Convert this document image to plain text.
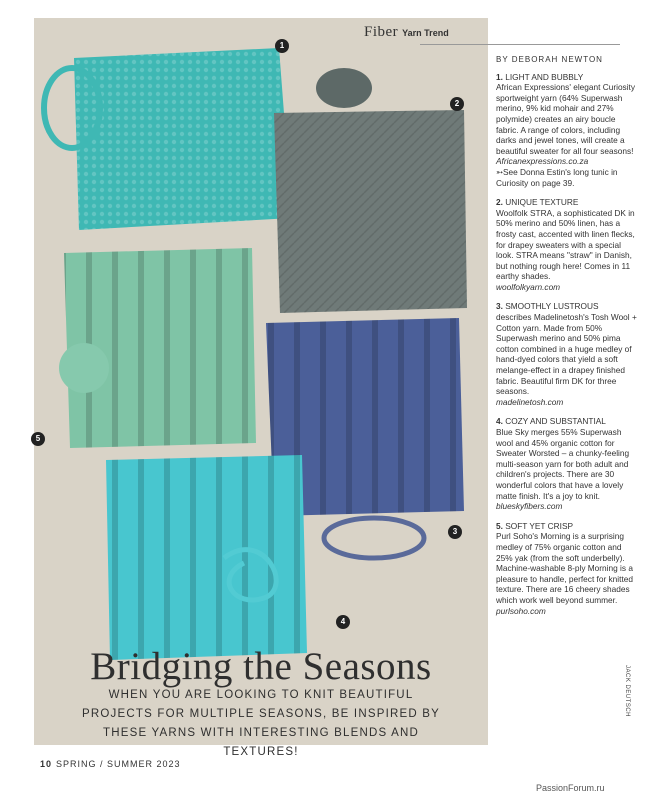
1
2
3
4
5
Bridging the Seasons
WHEN YOU ARE LOOKING TO KNIT BEAUTIFUL PROJECTS FOR MULTIPLE SEASONS, BE INSPIRED BY THESE YARNS WITH INTERESTING BLENDS AND TEXTURES!
Fiber Yarn Trend
BY DEBORAH NEWTON

1. LIGHT AND BUBBLY

African Expressions' elegant Curiosity sportweight yarn (64% Superwash merino, 9% kid mohair and 27% polymide) creates an airy boucle fabric. A range of colors, including darks and jewel tones, will create a beautiful sweater for all four seasons!

Africanexpressions.co.za

➳See Donna Estin's long tunic in Curiosity on page 39.

2. UNIQUE TEXTURE

Woolfolk STRA, a sophisticated DK in 50% merino and 50% linen, has a frosty cast, accented with linen flecks, for drapey sweaters with a special look. STRA means "straw" in Danish, but nothing rough here! Comes in 11 earthy shades.

woolfolkyarn.com

3. SMOOTHLY LUSTROUS

describes Madelinetosh's Tosh Wool + Cotton yarn. Made from 50% Superwash merino and 50% pima cotton combined in a huge medley of hand-dyed colors that yield a soft melange-effect in a drapey finished fabric. Beautiful firm DK for three seasons.

madelinetosh.com

4. COZY AND SUBSTANTIAL

Blue Sky merges 55% Superwash wool and 45% organic cotton for Sweater Worsted – a chunky-feeling multi-season yarn for both adult and children's projects. There are 30 wonderful colors that have a lovely matte finish. It's a joy to knit.

blueskyfibers.com

5. SOFT YET CRISP

Purl Soho's Morning is a surprising medley of 75% organic cotton and 25% yak (from the soft underbelly). Machine-washable 8-ply Morning is a pleasure to handle, perfect for knitted texture. There are 16 cheery shades which work well beyond summer.

purlsoho.com

JACK DEUTSCH
10 SPRING / SUMMER 2023
PassionForum.ru
